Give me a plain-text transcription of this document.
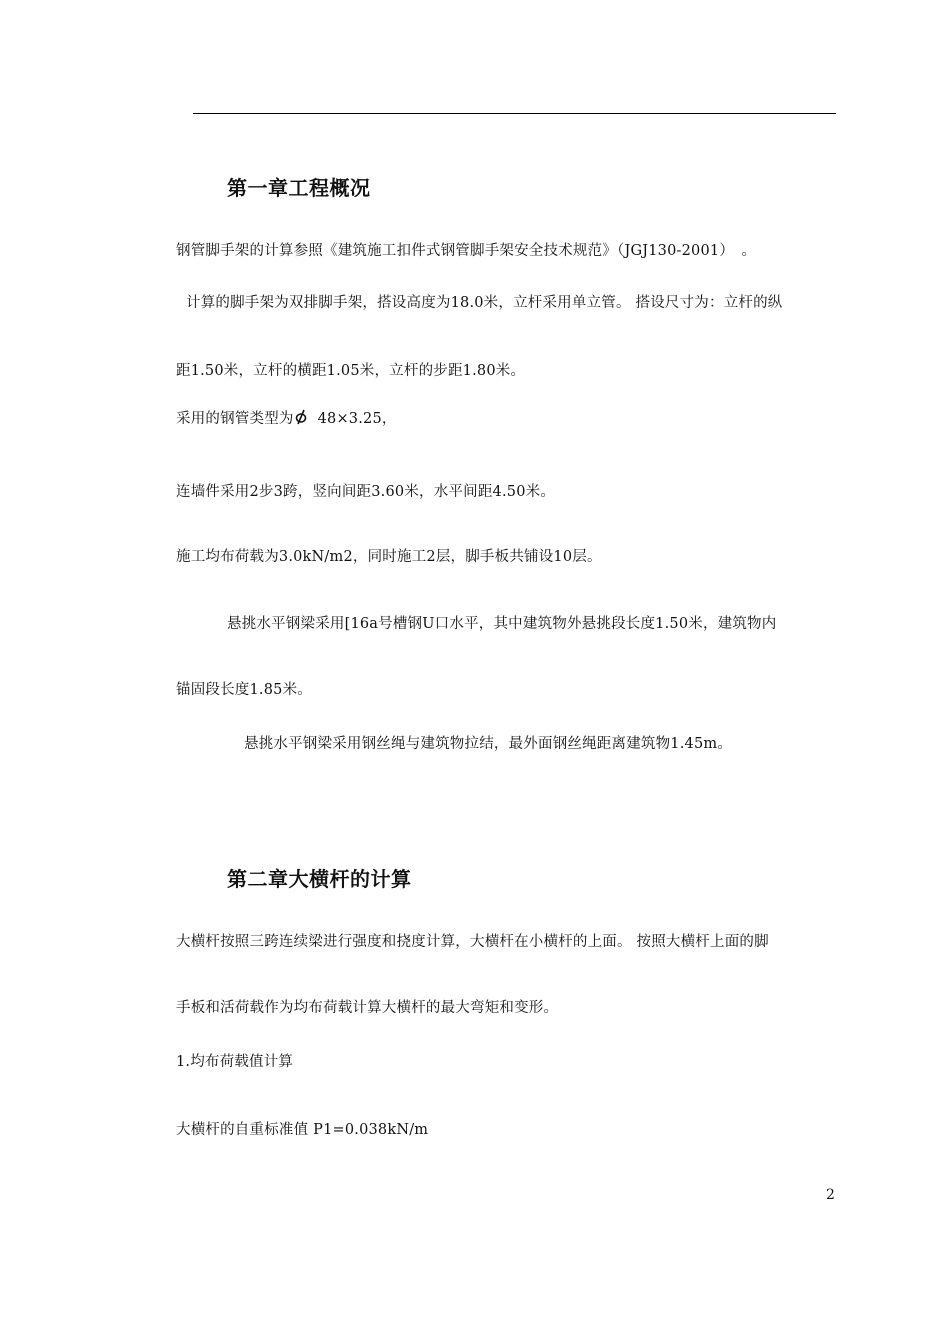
第一章工程概况
钢管脚手架的计算参照《建筑施工扣件式钢管脚手架安全技术规范》（JGJ130-2001）　。
计算的脚手架为双排脚手架，搭设高度为18.0米，立杆采用单立管。 搭设尺寸为：立杆的纵
距1.50米，立杆的横距1.05米，立杆的步距1.80米。
采用的钢管类型为 48×3.25，
连墙件采用2步3跨，竖向间距3.60米，水平间距4.50米。
施工均布荷载为3.0kN/m2，同时施工2层，脚手板共铺设10层。
悬挑水平钢梁采用[16a号槽钢U口水平，其中建筑物外悬挑段长度1.50米，建筑物内
锚固段长度1.85米。
悬挑水平钢梁采用钢丝绳与建筑物拉结，最外面钢丝绳距离建筑物1.45m。
第二章大横杆的计算
大横杆按照三跨连续梁进行强度和挠度计算，大横杆在小横杆的上面。 按照大横杆上面的脚
手板和活荷载作为均布荷载计算大横杆的最大弯矩和变形。
1.均布荷载值计算
大横杆的自重标准值 P1=0.038kN/m
2
